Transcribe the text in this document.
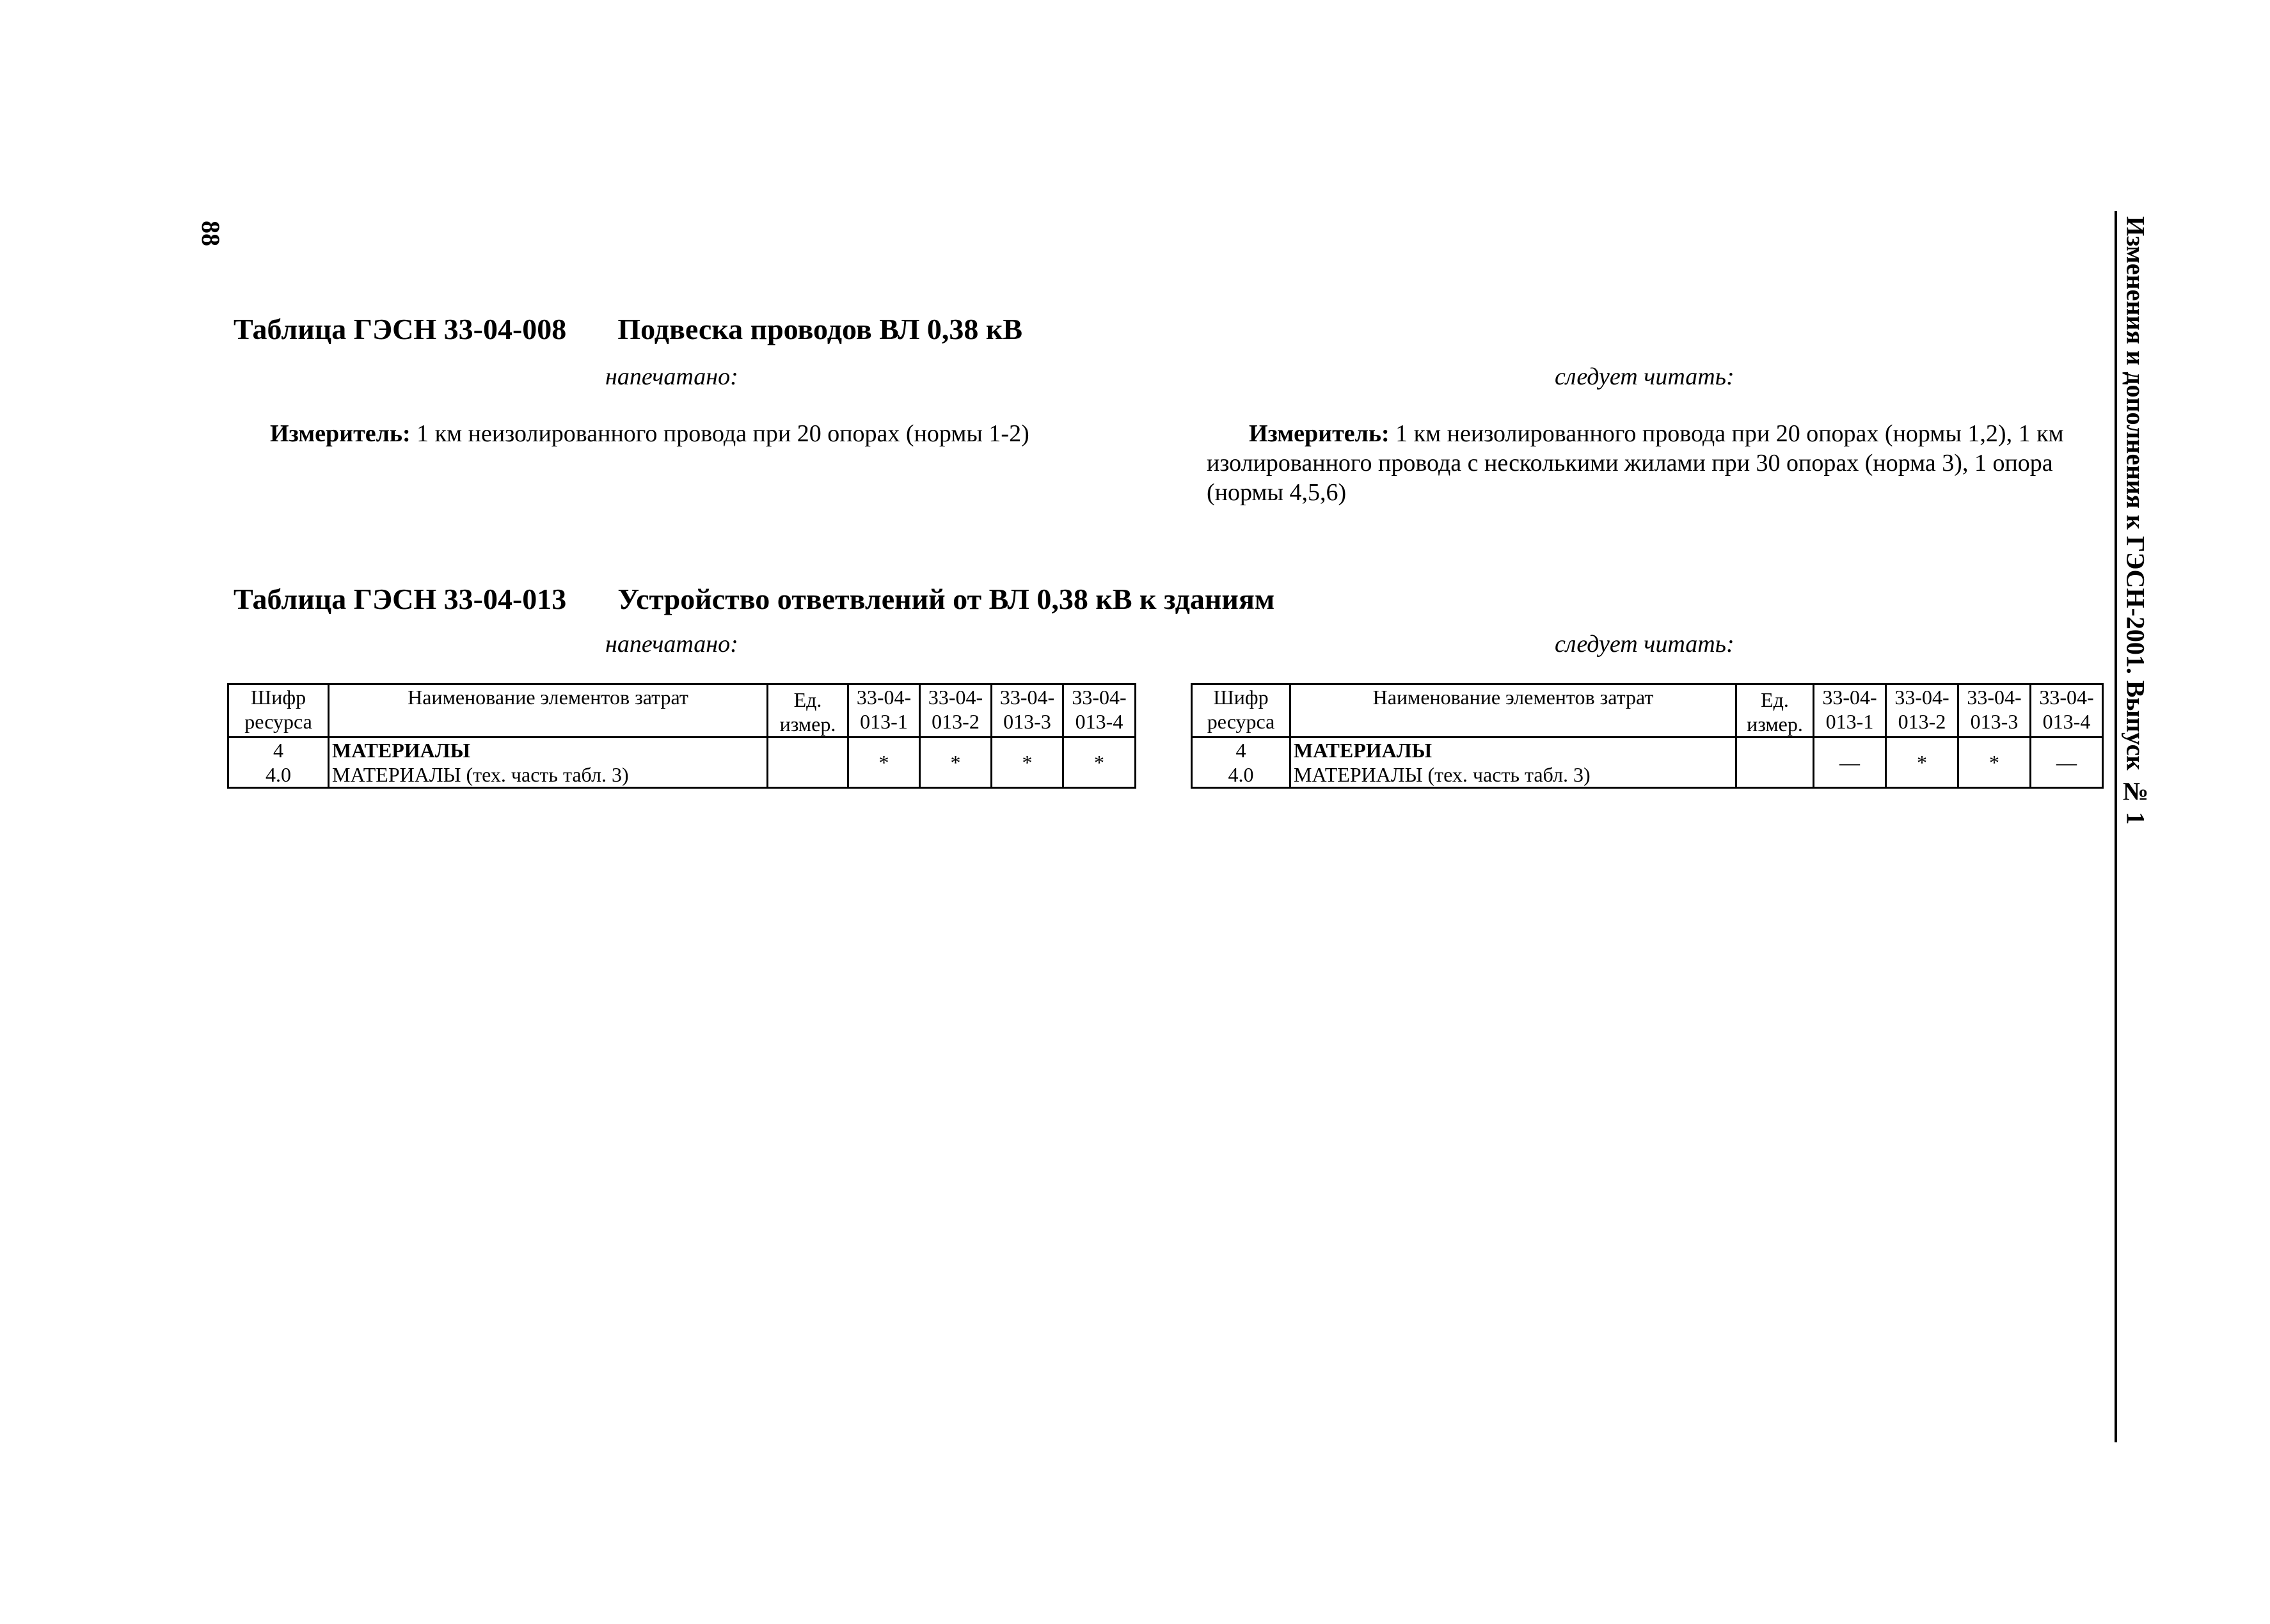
88	Изменения и дополнения к ГЭСН-2001. Выпуск № 1
Таблица ГЭСН 33-04-008 Подвеска проводов ВЛ 0,38 кВ
напечатано:	следует читать:
Измеритель: 1 км неизолированного провода при 20 опорах (нормы 1-2)	Измеритель: 1 км неизолированного провода при 20 опорах (нормы 1,2), 1 км изолированного провода с несколькими жилами при 30 опорах (норма 3), 1 опора (нормы 4,5,6)
Таблица ГЭСН 33-04-013 Устройство ответвлений от ВЛ 0,38 кВ к зданиям
напечатано:	следует читать:
Шифр ресурса	Наименование элементов затрат	Ед. измер.	33-04-013-1	33-04-013-2	33-04-013-3	33-04-013-4
4	МАТЕРИАЛЫ		*	*	*	*
4.0	МАТЕРИАЛЫ (тех. часть табл. 3)					
Шифр ресурса	Наименование элементов затрат	Ед. измер.	33-04-013-1	33-04-013-2	33-04-013-3	33-04-013-4
4	МАТЕРИАЛЫ		—	*	*	—
4.0	МАТЕРИАЛЫ (тех. часть табл. 3)					
